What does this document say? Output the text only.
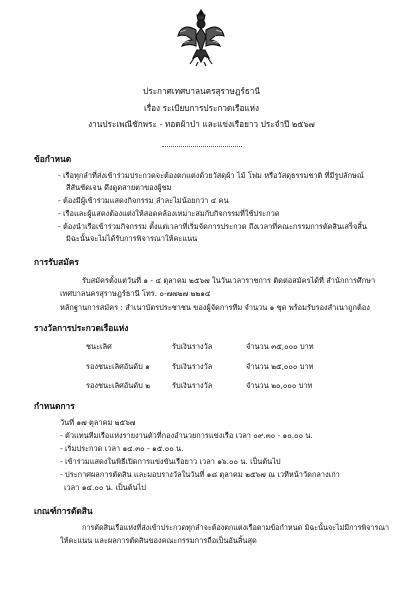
ประกาศเทศบาลนครสุราษฎร์ธานี
เรื่อง ระเบียบการประกวดเรือแห่ง
งานประเพณีชักพระ - ทอดผ้าป่า และแข่งเรือยาว ประจำปี ๒๕๖๗
ข้อกำหนด
- เรือทุกลำที่ส่งเข้าร่วมประกวดจะต้องตกแต่งด้วยวัสดุผ้า ไม้ โฟม หรือวัสดุธรรมชาติ ที่มีรูปลักษณ์
สีสันชัดเจน ดึงดูดสายตาของผู้ชม
- ต้องมีผู้เข้าร่วมแสดงกิจกรรม ลำละไม่น้อยกว่า ๔ คน
- เรือและผู้แสดงต้องแต่งให้สอดคล้องเหมาะสมกับกิจกรรมที่ใช้ประกวด
- ต้องนำเรือเข้าร่วมกิจกรรม ตั้งแต่เวลาที่เริ่มจัดการประกวด ถึงเวลาที่คณะกรรมการตัดสินเสร็จสิ้น
มิฉะนั้นจะไม่ได้รับการพิจารณาให้คะแนน
การรับสมัคร
รับสมัครตั้งแต่วันที่ ๑ - ๔ ตุลาคม ๒๕๖๗ ในวันเวลาราชการ ติดต่อสมัครได้ที่ สำนักการศึกษา
เทศบาลนครสุราษฎร์ธานี โทร. ๐-๗๗๒๗ ๒๒๑๔
หลักฐานการสมัคร : สำเนาบัตรประชาชน ของผู้จัดการทีม จำนวน ๑ ชุด พร้อมรับรองสำเนาถูกต้อง
รางวัลการประกวดเรือแห่ง
ชนะเลิศ	รับเงินรางวัล	จำนวน ๓๕,๐๐๐ บาท
รองชนะเลิศอันดับ ๑	รับเงินรางวัล	จำนวน ๒๕,๐๐๐ บาท
รองชนะเลิศอันดับ ๒	รับเงินรางวัล	จำนวน ๒๐,๐๐๐ บาท
กำหนดการ
วันที่ ๑๗ ตุลาคม ๒๕๖๗
- ตัวแทนทีมเรือแห่งรายงานตัวที่กองอำนวยการแข่งเรือ เวลา ๐๙.๓๐ - ๑๐.๐๐ น.
- เริ่มประกวด เวลา ๑๔.๓๐ - ๑๕.๐๐ น.
- เข้าร่วมแสดงในพิธีเปิดการแข่งขันเรือยาว เวลา ๑๖.๐๐ น. เป็นต้นไป
- ประกาศผลการตัดสิน และมอบรางวัลในวันที่ ๑๘ ตุลาคม ๒๕๖๗ ณ เวทีหน้าวัดกลางเก่า
เวลา ๑๔.๐๐ น. เป็นต้นไป
เกณฑ์การตัดสิน
การตัดสินเรือแห่งที่ส่งเข้าประกวดทุกลำจะต้องตกแต่งเรือตามข้อกำหนด มิฉะนั้นจะไม่มีการพิจารณา
ให้คะแนน และผลการตัดสินของคณะกรรมการถือเป็นอันสิ้นสุด
